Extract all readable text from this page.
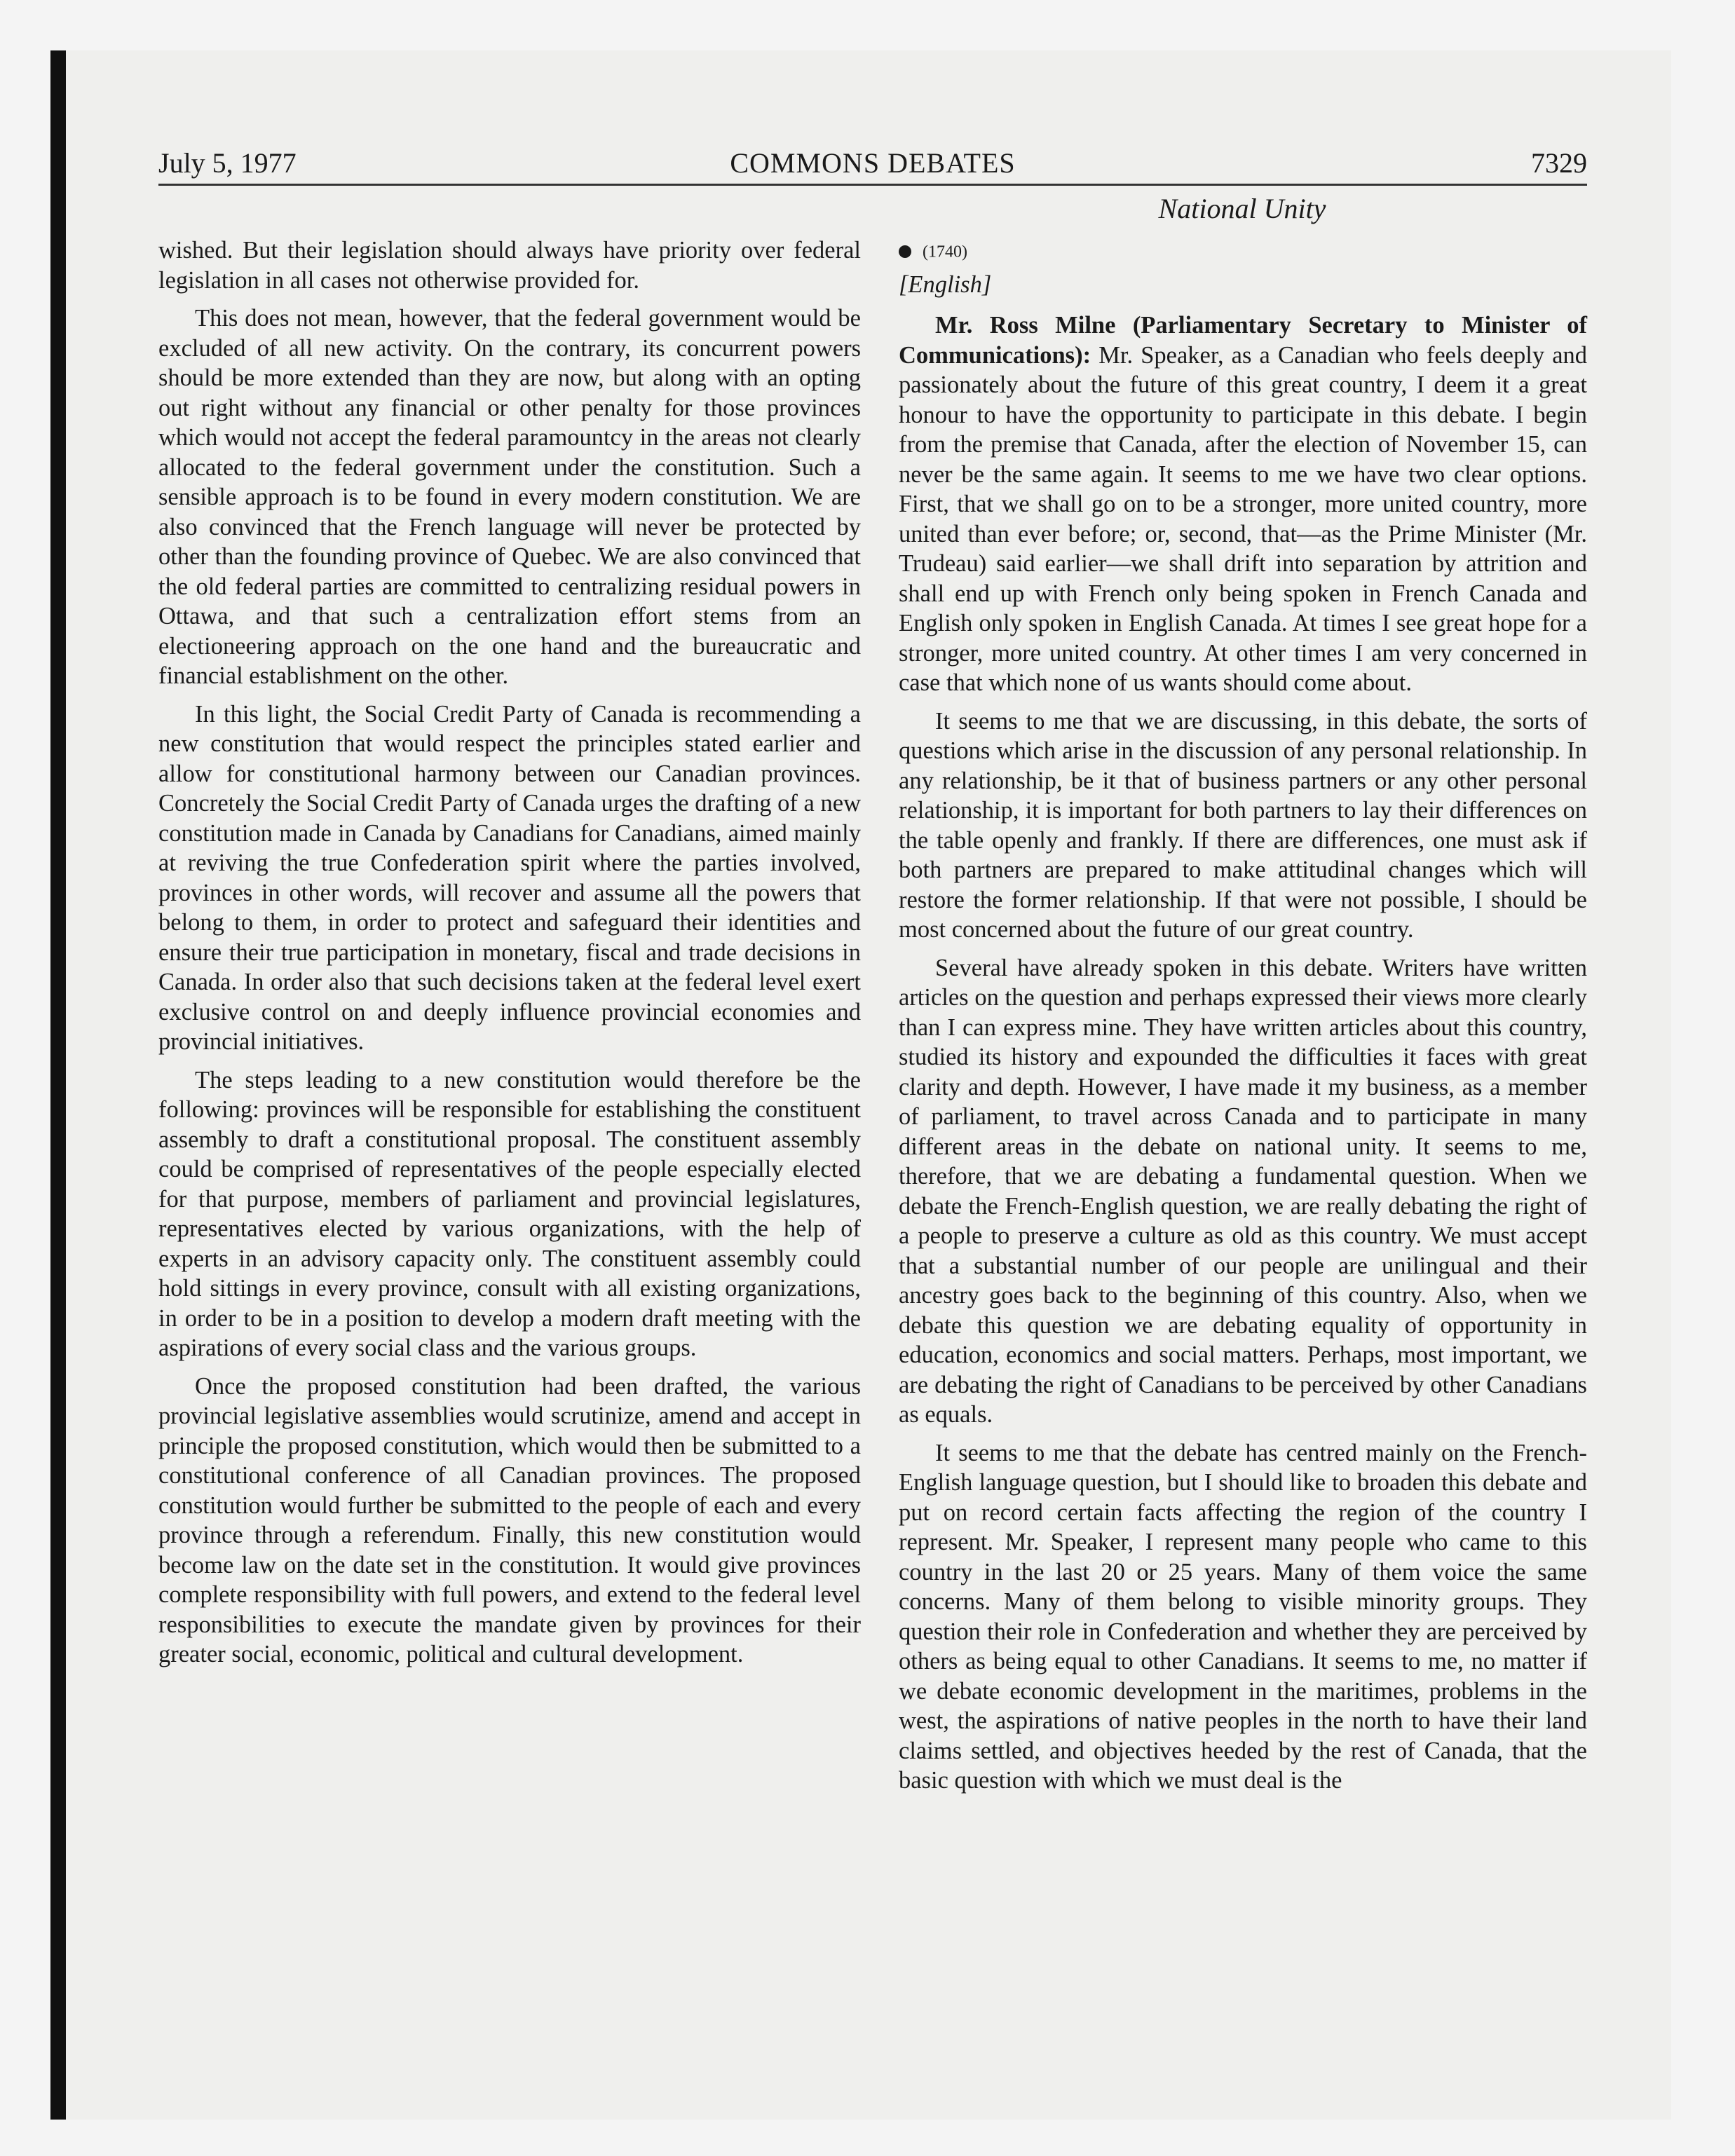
July 5, 1977	COMMONS DEBATES	7329
National Unity

wished. But their legislation should always have priority over federal legislation in all cases not otherwise provided for.

This does not mean, however, that the federal government would be excluded of all new activity. On the contrary, its concurrent powers should be more extended than they are now, but along with an opting out right without any financial or other penalty for those provinces which would not accept the federal paramountcy in the areas not clearly allocated to the federal government under the constitution. Such a sensible approach is to be found in every modern constitution. We are also convinced that the French language will never be protected by other than the founding province of Quebec. We are also convinced that the old federal parties are committed to centralizing residual powers in Ottawa, and that such a centralization effort stems from an electioneering approach on the one hand and the bureaucratic and financial establishment on the other.

In this light, the Social Credit Party of Canada is recommending a new constitution that would respect the principles stated earlier and allow for constitutional harmony between our Canadian provinces. Concretely the Social Credit Party of Canada urges the drafting of a new constitution made in Canada by Canadians for Canadians, aimed mainly at reviving the true Confederation spirit where the parties involved, provinces in other words, will recover and assume all the powers that belong to them, in order to protect and safeguard their identities and ensure their true participation in monetary, fiscal and trade decisions in Canada. In order also that such decisions taken at the federal level exert exclusive control on and deeply influence provincial economies and provincial initiatives.

The steps leading to a new constitution would therefore be the following: provinces will be responsible for establishing the constituent assembly to draft a constitutional proposal. The constituent assembly could be comprised of representatives of the people especially elected for that purpose, members of parliament and provincial legislatures, representatives elected by various organizations, with the help of experts in an advisory capacity only. The constituent assembly could hold sittings in every province, consult with all existing organizations, in order to be in a position to develop a modern draft meeting with the aspirations of every social class and the various groups.

Once the proposed constitution had been drafted, the various provincial legislative assemblies would scrutinize, amend and accept in principle the proposed constitution, which would then be submitted to a constitutional conference of all Canadian provinces. The proposed constitution would further be submitted to the people of each and every province through a referendum. Finally, this new constitution would become law on the date set in the constitution. It would give provinces complete responsibility with full powers, and extend to the federal level responsibilities to execute the mandate given by provinces for their greater social, economic, political and cultural development.

(1740)
[English]

Mr. Ross Milne (Parliamentary Secretary to Minister of Communications): Mr. Speaker, as a Canadian who feels deeply and passionately about the future of this great country, I deem it a great honour to have the opportunity to participate in this debate. I begin from the premise that Canada, after the election of November 15, can never be the same again. It seems to me we have two clear options. First, that we shall go on to be a stronger, more united country, more united than ever before; or, second, that—as the Prime Minister (Mr. Trudeau) said earlier—we shall drift into separation by attrition and shall end up with French only being spoken in French Canada and English only spoken in English Canada. At times I see great hope for a stronger, more united country. At other times I am very concerned in case that which none of us wants should come about.

It seems to me that we are discussing, in this debate, the sorts of questions which arise in the discussion of any personal relationship. In any relationship, be it that of business partners or any other personal relationship, it is important for both partners to lay their differences on the table openly and frankly. If there are differences, one must ask if both partners are prepared to make attitudinal changes which will restore the former relationship. If that were not possible, I should be most concerned about the future of our great country.

Several have already spoken in this debate. Writers have written articles on the question and perhaps expressed their views more clearly than I can express mine. They have written articles about this country, studied its history and expounded the difficulties it faces with great clarity and depth. However, I have made it my business, as a member of parliament, to travel across Canada and to participate in many different areas in the debate on national unity. It seems to me, therefore, that we are debating a fundamental question. When we debate the French-English question, we are really debating the right of a people to preserve a culture as old as this country. We must accept that a substantial number of our people are unilingual and their ancestry goes back to the beginning of this country. Also, when we debate this question we are debating equality of opportunity in education, economics and social matters. Perhaps, most important, we are debating the right of Canadians to be perceived by other Canadians as equals.

It seems to me that the debate has centred mainly on the French-English language question, but I should like to broaden this debate and put on record certain facts affecting the region of the country I represent. Mr. Speaker, I represent many people who came to this country in the last 20 or 25 years. Many of them voice the same concerns. Many of them belong to visible minority groups. They question their role in Confederation and whether they are perceived by others as being equal to other Canadians. It seems to me, no matter if we debate economic development in the maritimes, problems in the west, the aspirations of native peoples in the north to have their land claims settled, and objectives heeded by the rest of Canada, that the basic question with which we must deal is the
